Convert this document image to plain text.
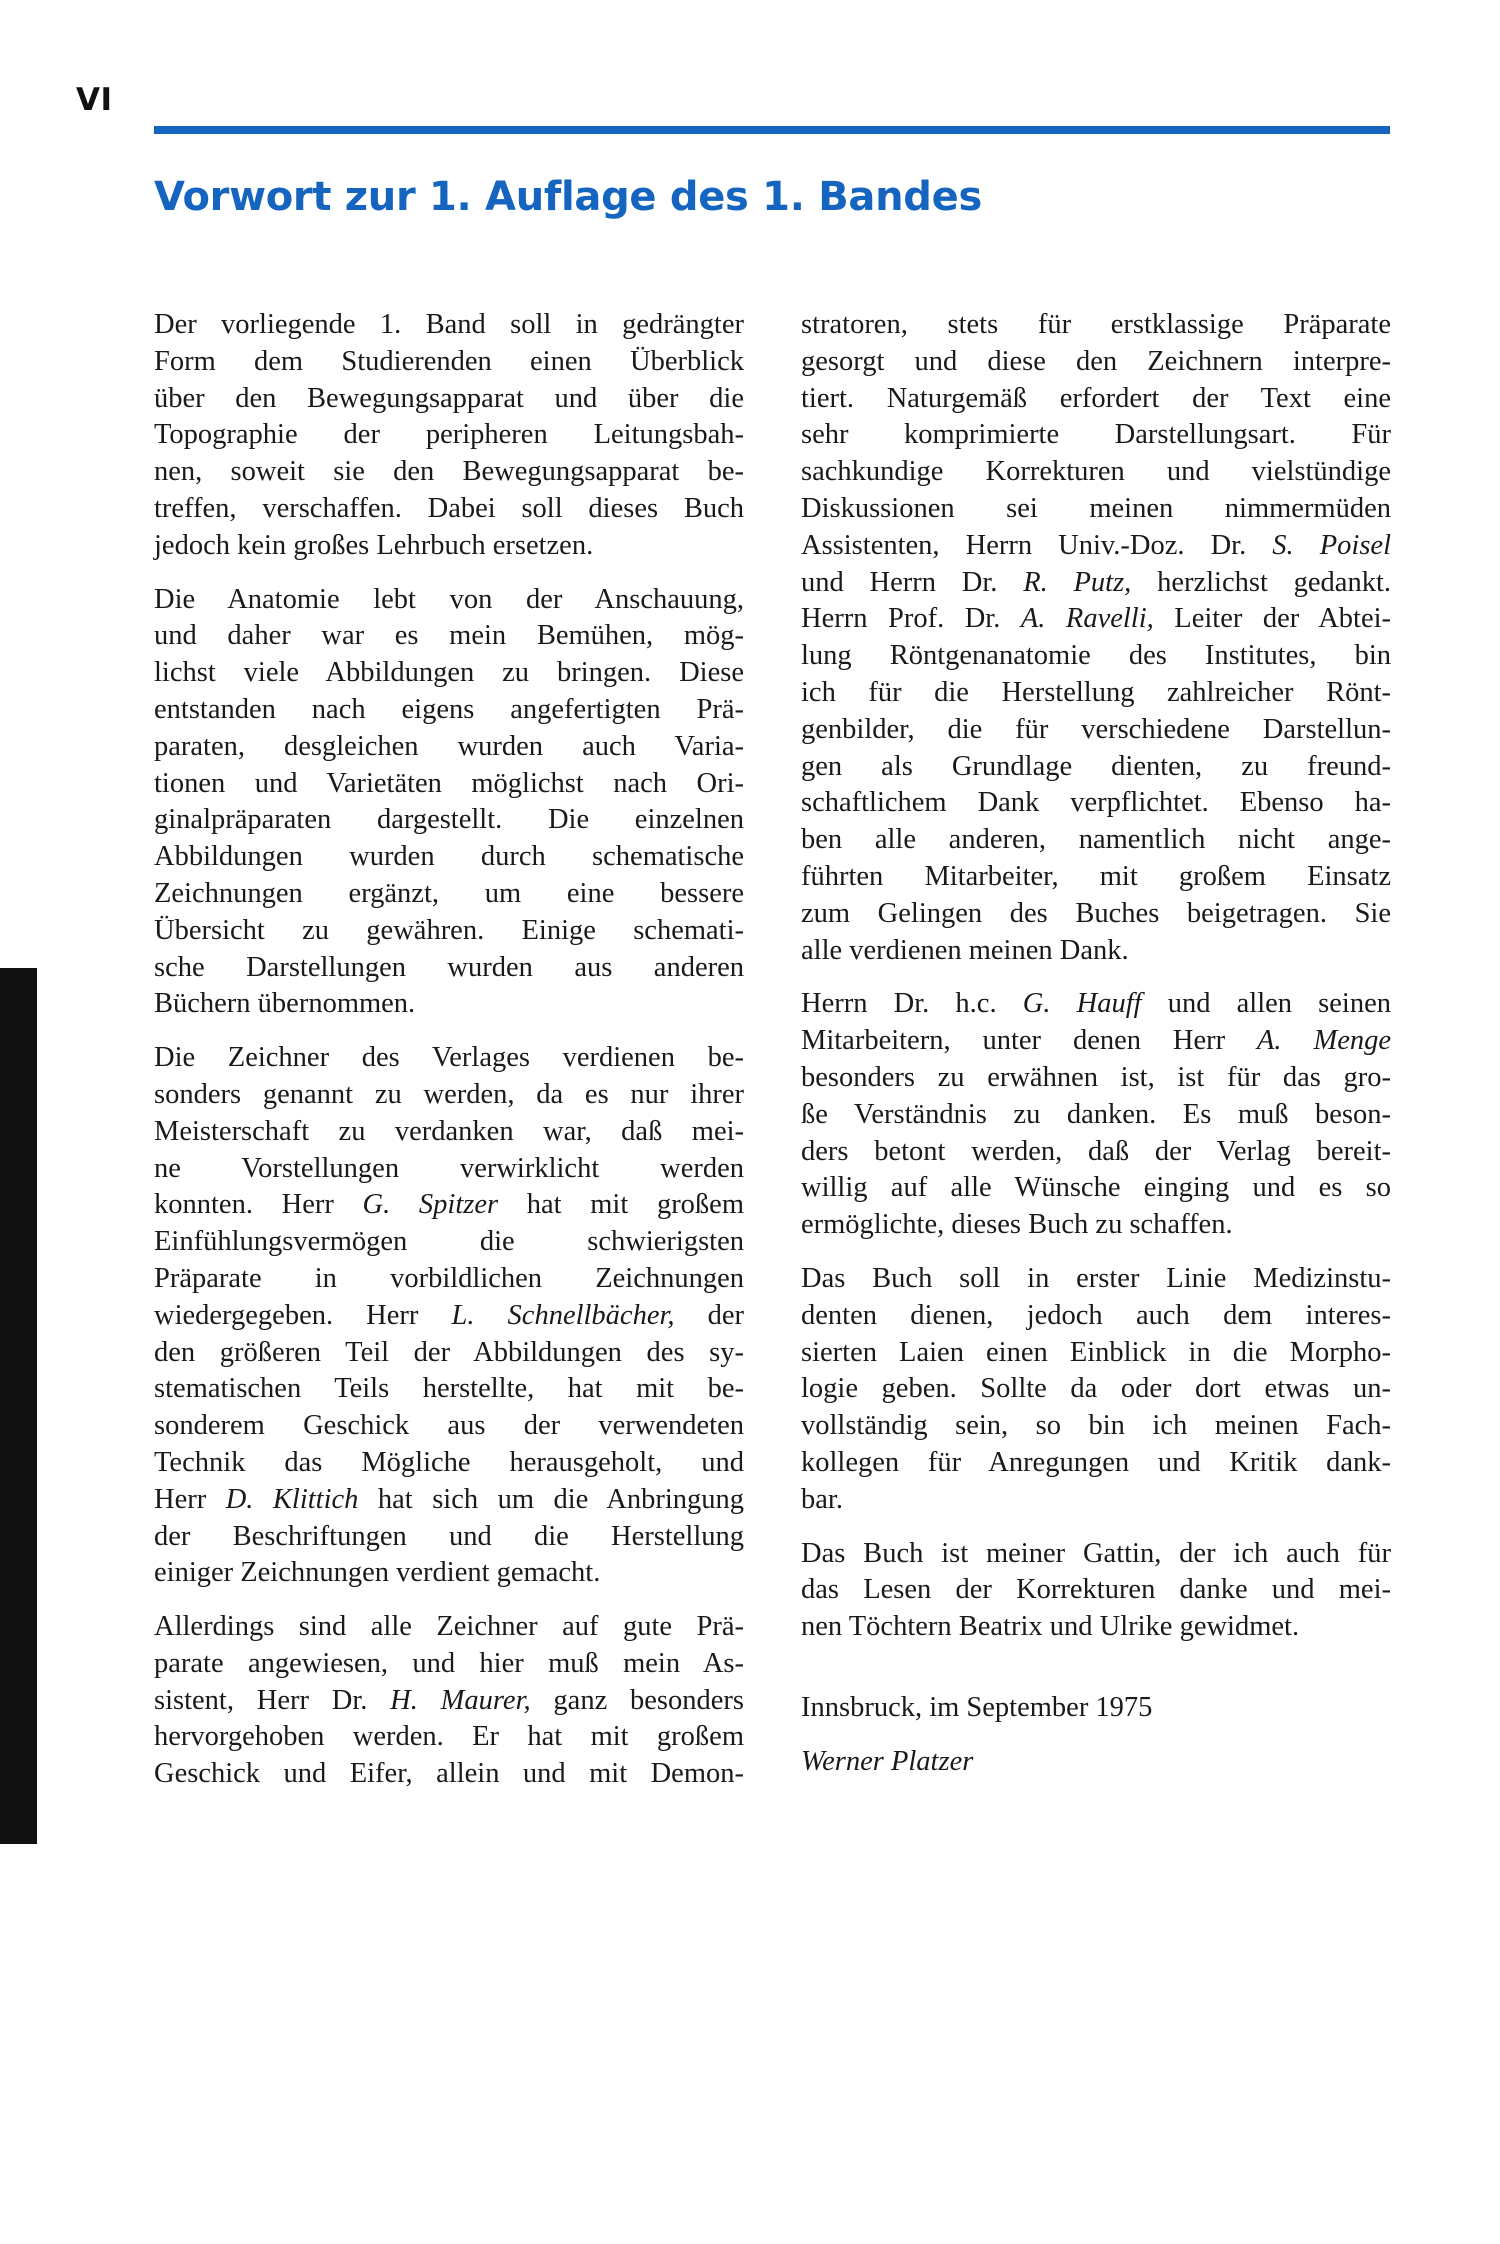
VI
Vorwort zur 1. Auflage des 1. Bandes

Der vorliegende 1. Band soll in gedrängter
Form dem Studierenden einen Überblick
über den Bewegungsapparat und über die
Topographie der peripheren Leitungsbah-
nen, soweit sie den Bewegungsapparat be-
treffen, verschaffen. Dabei soll dieses Buch
jedoch kein großes Lehrbuch ersetzen.

Die Anatomie lebt von der Anschauung,
und daher war es mein Bemühen, mög-
lichst viele Abbildungen zu bringen. Diese
entstanden nach eigens angefertigten Prä-
paraten, desgleichen wurden auch Varia-
tionen und Varietäten möglichst nach Ori-
ginalpräparaten dargestellt. Die einzelnen
Abbildungen wurden durch schematische
Zeichnungen ergänzt, um eine bessere
Übersicht zu gewähren. Einige schemati-
sche Darstellungen wurden aus anderen
Büchern übernommen.

Die Zeichner des Verlages verdienen be-
sonders genannt zu werden, da es nur ihrer
Meisterschaft zu verdanken war, daß mei-
ne Vorstellungen verwirklicht werden
konnten. Herr G. Spitzer hat mit großem
Einfühlungsvermögen die schwierigsten
Präparate in vorbildlichen Zeichnungen
wiedergegeben. Herr L. Schnellbächer, der
den größeren Teil der Abbildungen des sy-
stematischen Teils herstellte, hat mit be-
sonderem Geschick aus der verwendeten
Technik das Mögliche herausgeholt, und
Herr D. Klittich hat sich um die Anbringung
der Beschriftungen und die Herstellung
einiger Zeichnungen verdient gemacht.

Allerdings sind alle Zeichner auf gute Prä-
parate angewiesen, und hier muß mein As-
sistent, Herr Dr. H. Maurer, ganz besonders
hervorgehoben werden. Er hat mit großem
Geschick und Eifer, allein und mit Demon-

stratoren, stets für erstklassige Präparate
gesorgt und diese den Zeichnern interpre-
tiert. Naturgemäß erfordert der Text eine
sehr komprimierte Darstellungsart. Für
sachkundige Korrekturen und vielstündige
Diskussionen sei meinen nimmermüden
Assistenten, Herrn Univ.-Doz. Dr. S. Poisel
und Herrn Dr. R. Putz, herzlichst gedankt.
Herrn Prof. Dr. A. Ravelli, Leiter der Abtei-
lung Röntgenanatomie des Institutes, bin
ich für die Herstellung zahlreicher Rönt-
genbilder, die für verschiedene Darstellun-
gen als Grundlage dienten, zu freund-
schaftlichem Dank verpflichtet. Ebenso ha-
ben alle anderen, namentlich nicht ange-
führten Mitarbeiter, mit großem Einsatz
zum Gelingen des Buches beigetragen. Sie
alle verdienen meinen Dank.

Herrn Dr. h.c. G. Hauff und allen seinen
Mitarbeitern, unter denen Herr A. Menge
besonders zu erwähnen ist, ist für das gro-
ße Verständnis zu danken. Es muß beson-
ders betont werden, daß der Verlag bereit-
willig auf alle Wünsche einging und es so
ermöglichte, dieses Buch zu schaffen.

Das Buch soll in erster Linie Medizinstu-
denten dienen, jedoch auch dem interes-
sierten Laien einen Einblick in die Morpho-
logie geben. Sollte da oder dort etwas un-
vollständig sein, so bin ich meinen Fach-
kollegen für Anregungen und Kritik dank-
bar.

Das Buch ist meiner Gattin, der ich auch für
das Lesen der Korrekturen danke und mei-
nen Töchtern Beatrix und Ulrike gewidmet.

Innsbruck, im September 1975

Werner Platzer
